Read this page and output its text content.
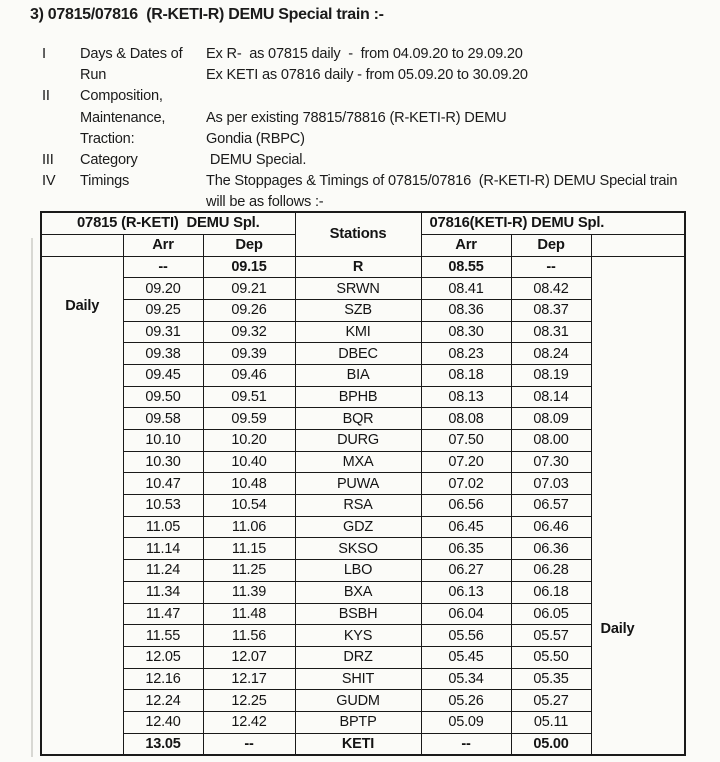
3) 07815/07816  (R-KETI-R) DEMU Special train :-
I	Days & Dates of	Ex R-  as 07815 daily  -  from 04.09.20 to 29.09.20
Run	Ex KETI as 07816 daily - from 05.09.20 to 30.09.20
II	Composition,
Maintenance,	As per existing 78815/78816 (R-KETI-R) DEMU
Traction:	Gondia (RBPC)
III	Category	DEMU Special.
IV	Timings	The Stoppages & Timings of 07815/07816  (R-KETI-R) DEMU Special train
will be as follows :-
07815 (R-KETI)  DEMU Spl.			Stations	07816(KETI-R) DEMU Spl.		
	Arr	Dep		Arr	Dep	

Daily	--	09.15	R	08.55	--	Daily

	09.20	09.21	SRWN	08.41	08.42	
	09.25	09.26	SZB	08.36	08.37	
	09.31	09.32	KMI	08.30	08.31	
	09.38	09.39	DBEC	08.23	08.24	
	09.45	09.46	BIA	08.18	08.19	
	09.50	09.51	BPHB	08.13	08.14	
	09.58	09.59	BQR	08.08	08.09	
	10.10	10.20	DURG	07.50	08.00	
	10.30	10.40	MXA	07.20	07.30	
	10.47	10.48	PUWA	07.02	07.03	
	10.53	10.54	RSA	06.56	06.57	
	11.05	11.06	GDZ	06.45	06.46	
	11.14	11.15	SKSO	06.35	06.36	
	11.24	11.25	LBO	06.27	06.28	
	11.34	11.39	BXA	06.13	06.18	
	11.47	11.48	BSBH	06.04	06.05	
	11.55	11.56	KYS	05.56	05.57	
	12.05	12.07	DRZ	05.45	05.50	
	12.16	12.17	SHIT	05.34	05.35	
	12.24	12.25	GUDM	05.26	05.27	
	12.40	12.42	BPTP	05.09	05.11	
	13.05	--	KETI	--	05.00	
